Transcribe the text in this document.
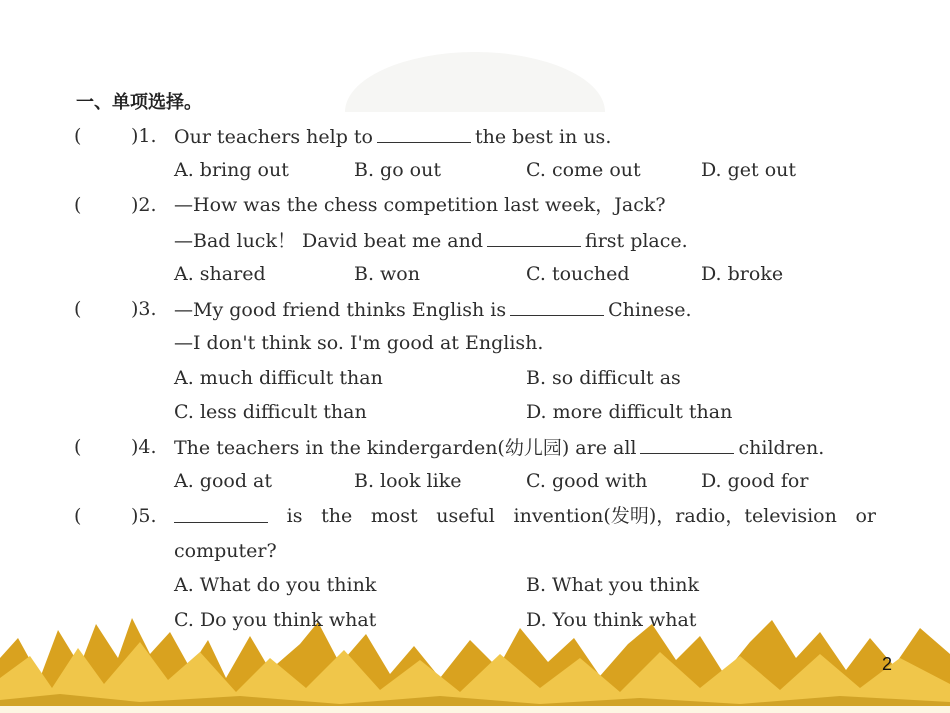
2
一、单项选择。
(	)1. Our teachers help to	the best in us.
A. bring out	B. go out	C. come out	D. get out
(	)2. —How was the chess competition last week，Jack?
—Bad luck！ David beat me and	first place.
A. shared	B. won	C. touched	D. broke
(	)3. —My good friend thinks English is	Chinese.
—I don't think so. I'm good at English.
A. much difficult than	B. so difficult as
C. less difficult than	D. more difficult than
(	)4. The teachers in the kindergarden(幼儿园) are all	children.
A. good at	B. look like	C. good with	D. good for
(	)5.	is the most useful invention(发明)，radio，television or
computer?
A. What do you think	B. What you think
C. Do you think what	D. You think what
